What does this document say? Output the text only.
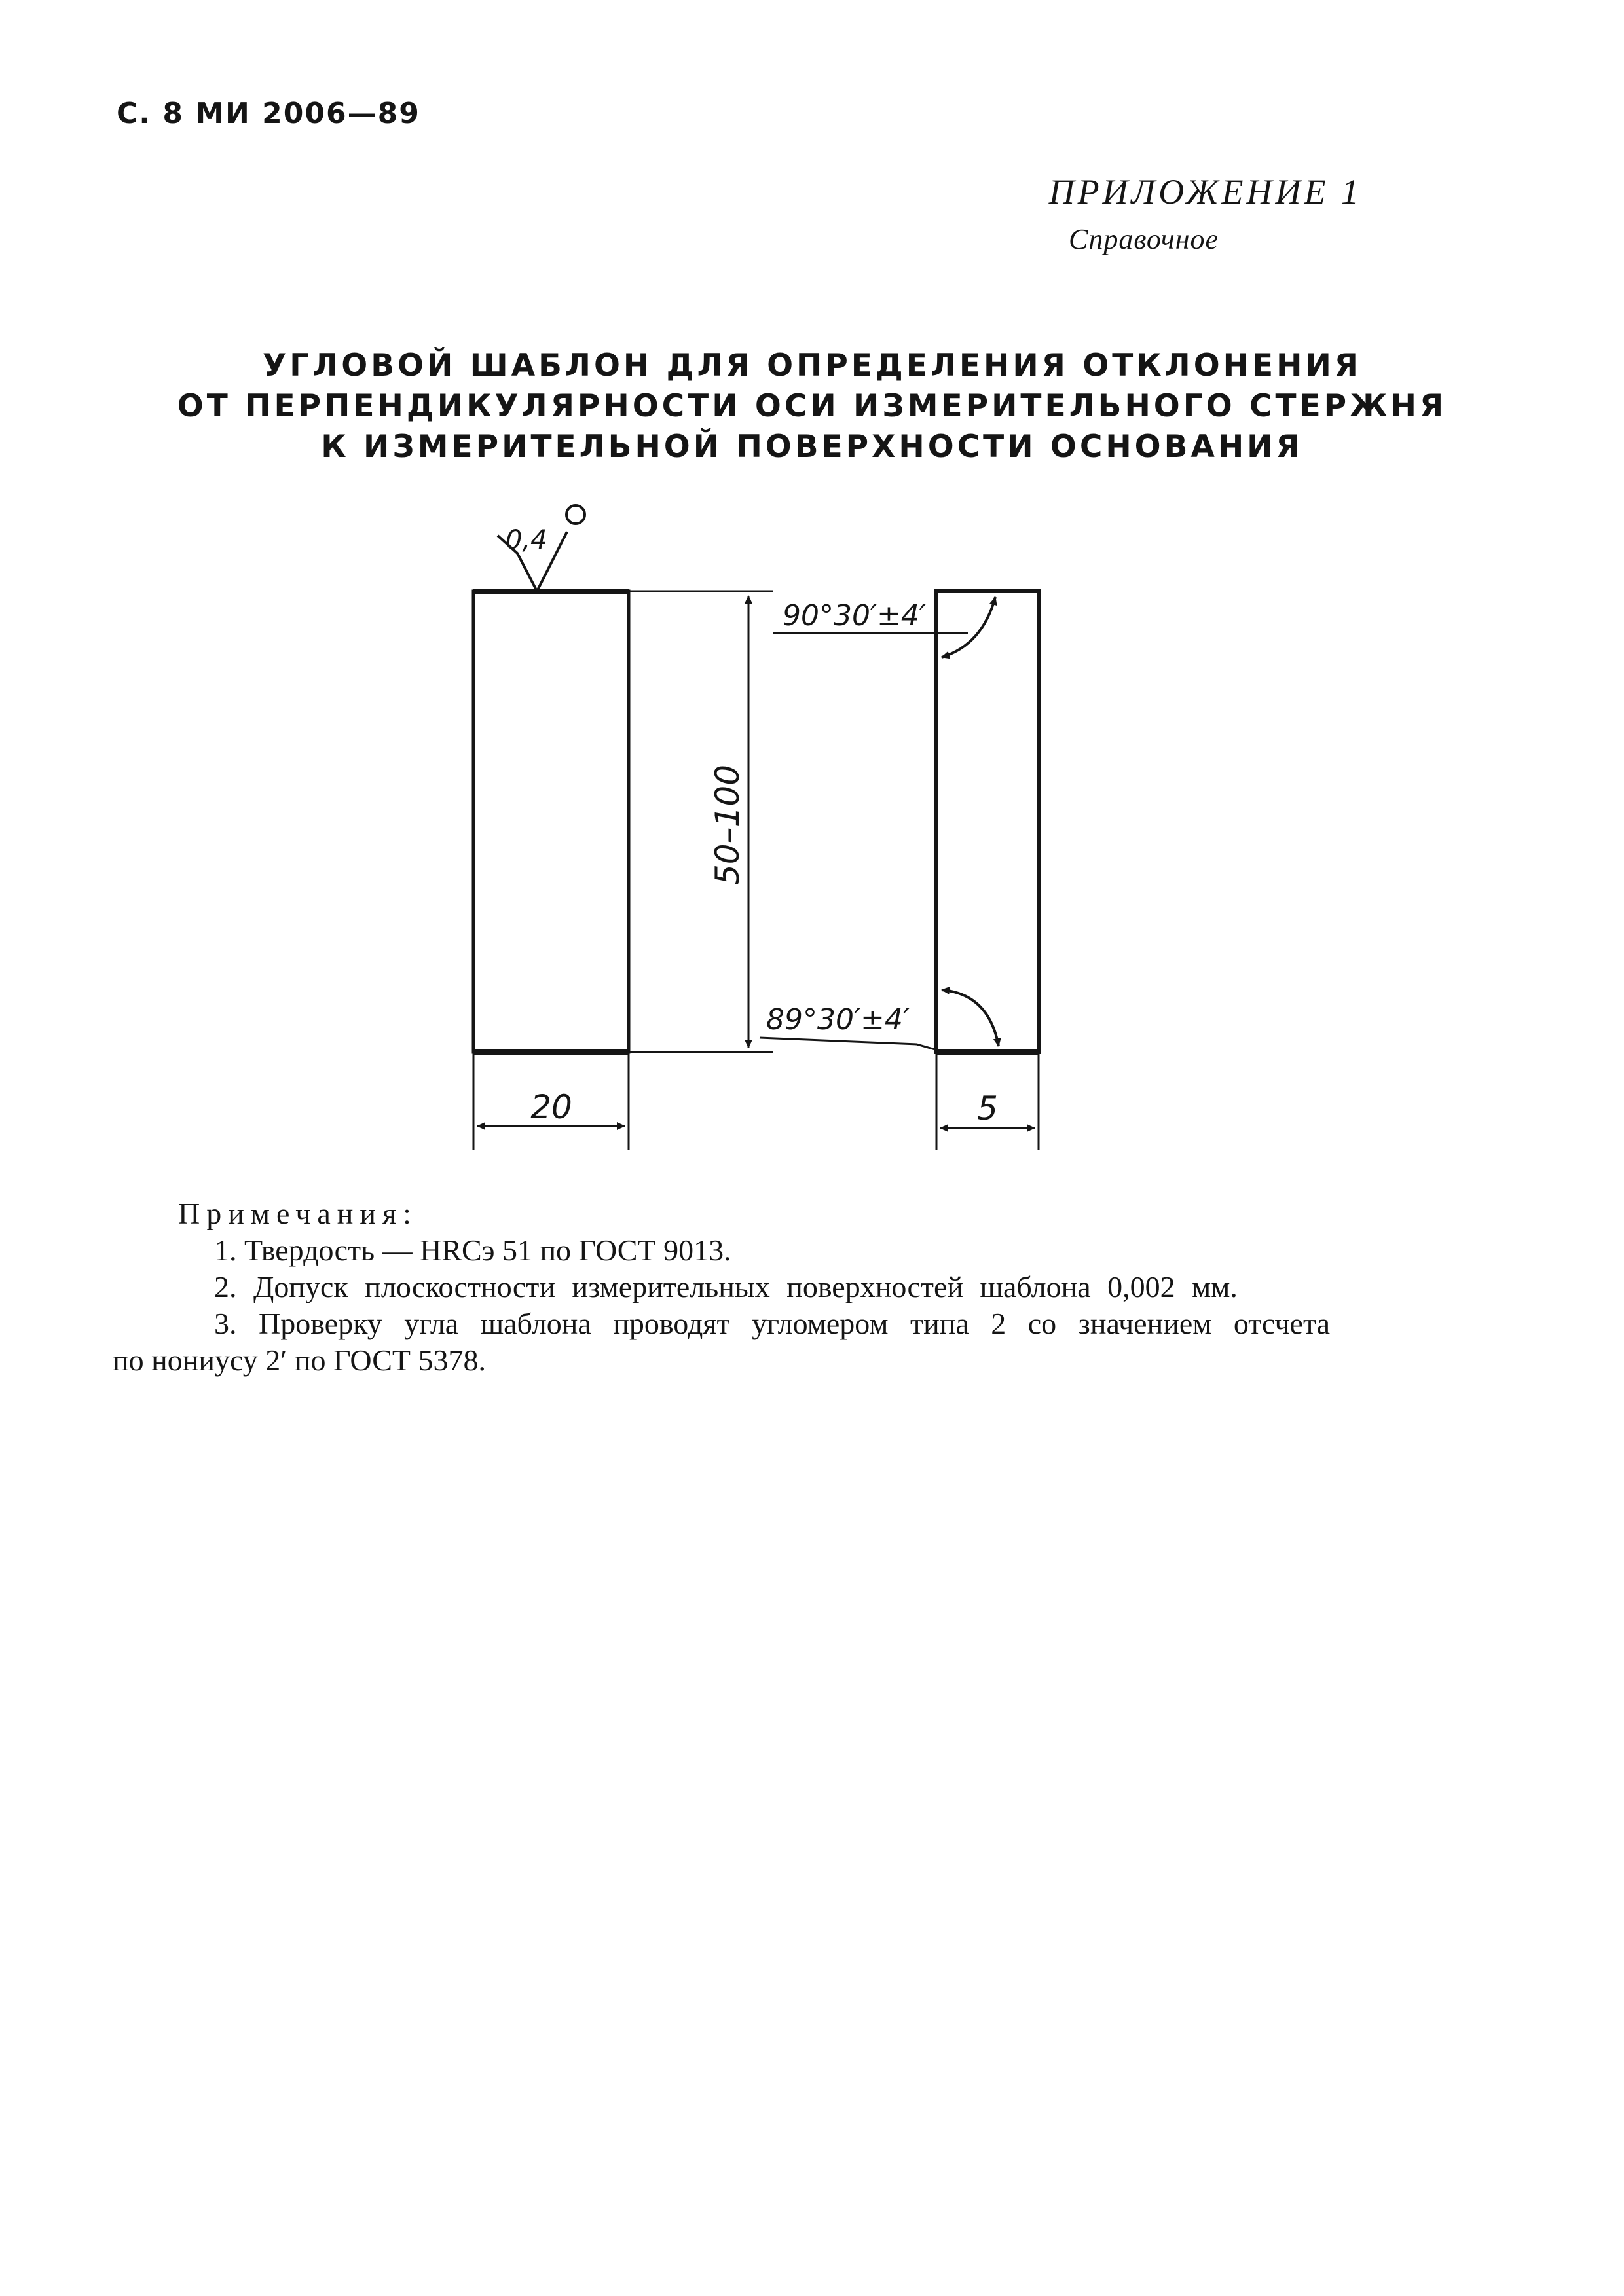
С. 8 МИ 2006—89
ПРИЛОЖЕНИЕ 1
Справочное
УГЛОВОЙ ШАБЛОН ДЛЯ ОПРЕДЕЛЕНИЯ ОТКЛОНЕНИЯ
ОТ ПЕРПЕНДИКУЛЯРНОСТИ ОСИ ИЗМЕРИТЕЛЬНОГО СТЕРЖНЯ
К ИЗМЕРИТЕЛЬНОЙ ПОВЕРХНОСТИ ОСНОВАНИЯ
0,4
50–100
20
90°30′±4′
89°30′±4′
5
Примечания:
1. Твердость — HRCэ 51 по ГОСТ 9013.
2. Допуск плоскостности измерительных поверхностей шаблона 0,002 мм.
3. Проверку угла шаблона проводят угломером типа 2 со значением отсчета
по нониусу 2′ по ГОСТ 5378.
